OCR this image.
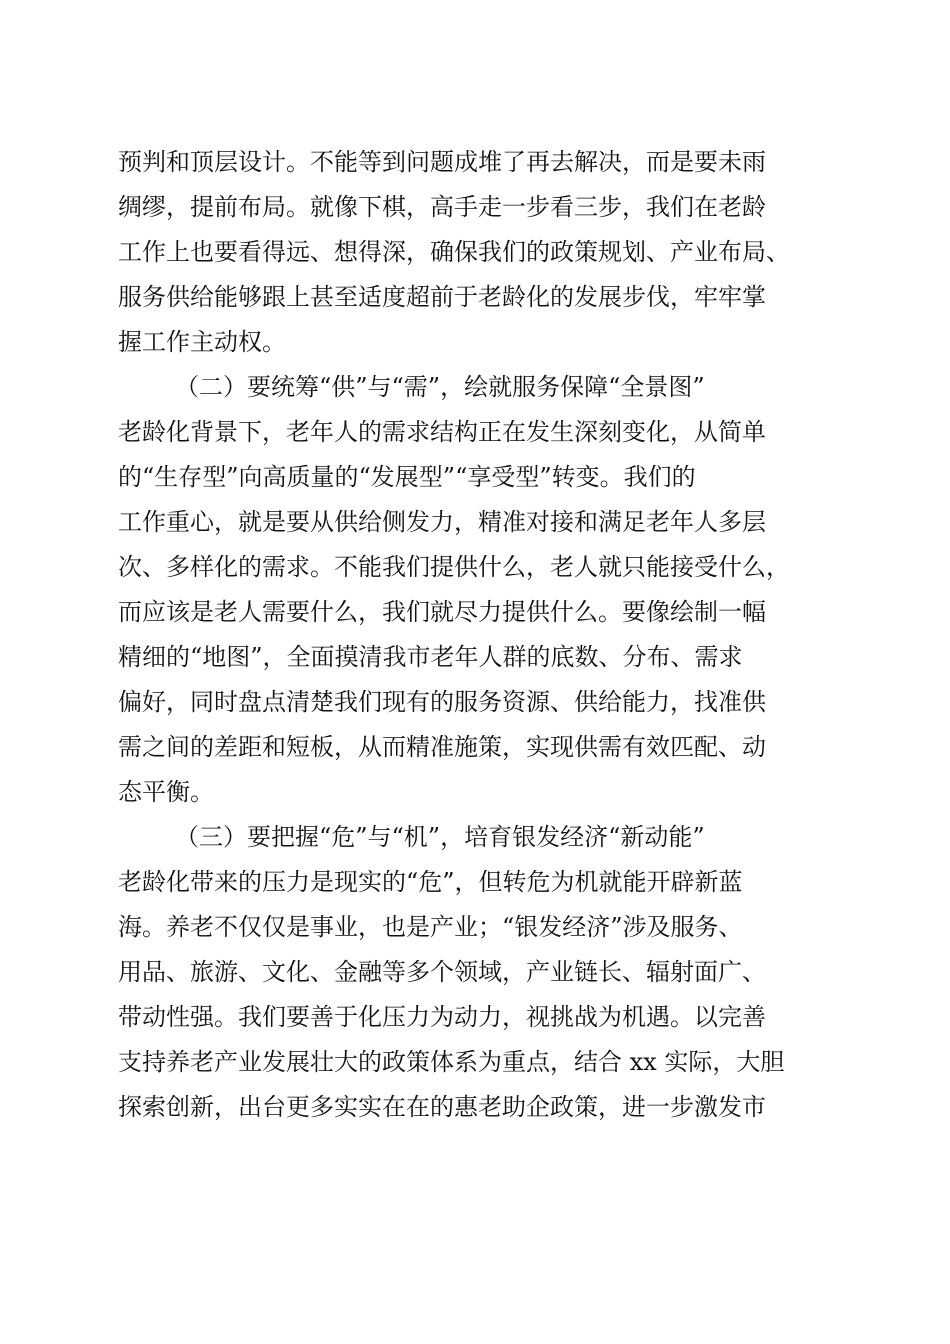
预判和顶层设计。不能等到问题成堆了再去解决，而是要未雨
绸缪，提前布局。就像下棋，高手走一步看三步，我们在老龄
工作上也要看得远、想得深，确保我们的政策规划、产业布局、
服务供给能够跟上甚至适度超前于老龄化的发展步伐，牢牢掌
握工作主动权。
（二）要统筹“供”与“需”，绘就服务保障“全景图”
老龄化背景下，老年人的需求结构正在发生深刻变化，从简单
的“生存型”向高质量的“发展型”“享受型”转变。我们的
工作重心，就是要从供给侧发力，精准对接和满足老年人多层
次、多样化的需求。不能我们提供什么，老人就只能接受什么，
而应该是老人需要什么，我们就尽力提供什么。要像绘制一幅
精细的“地图”，全面摸清我市老年人群的底数、分布、需求
偏好，同时盘点清楚我们现有的服务资源、供给能力，找准供
需之间的差距和短板，从而精准施策，实现供需有效匹配、动
态平衡。
（三）要把握“危”与“机”，培育银发经济“新动能”
老龄化带来的压力是现实的“危”，但转危为机就能开辟新蓝
海。养老不仅仅是事业，也是产业；“银发经济”涉及服务、
用品、旅游、文化、金融等多个领域，产业链长、辐射面广、
带动性强。我们要善于化压力为动力，视挑战为机遇。以完善
支持养老产业发展壮大的政策体系为重点，结合 xx 实际，大胆
探索创新，出台更多实实在在的惠老助企政策，进一步激发市
